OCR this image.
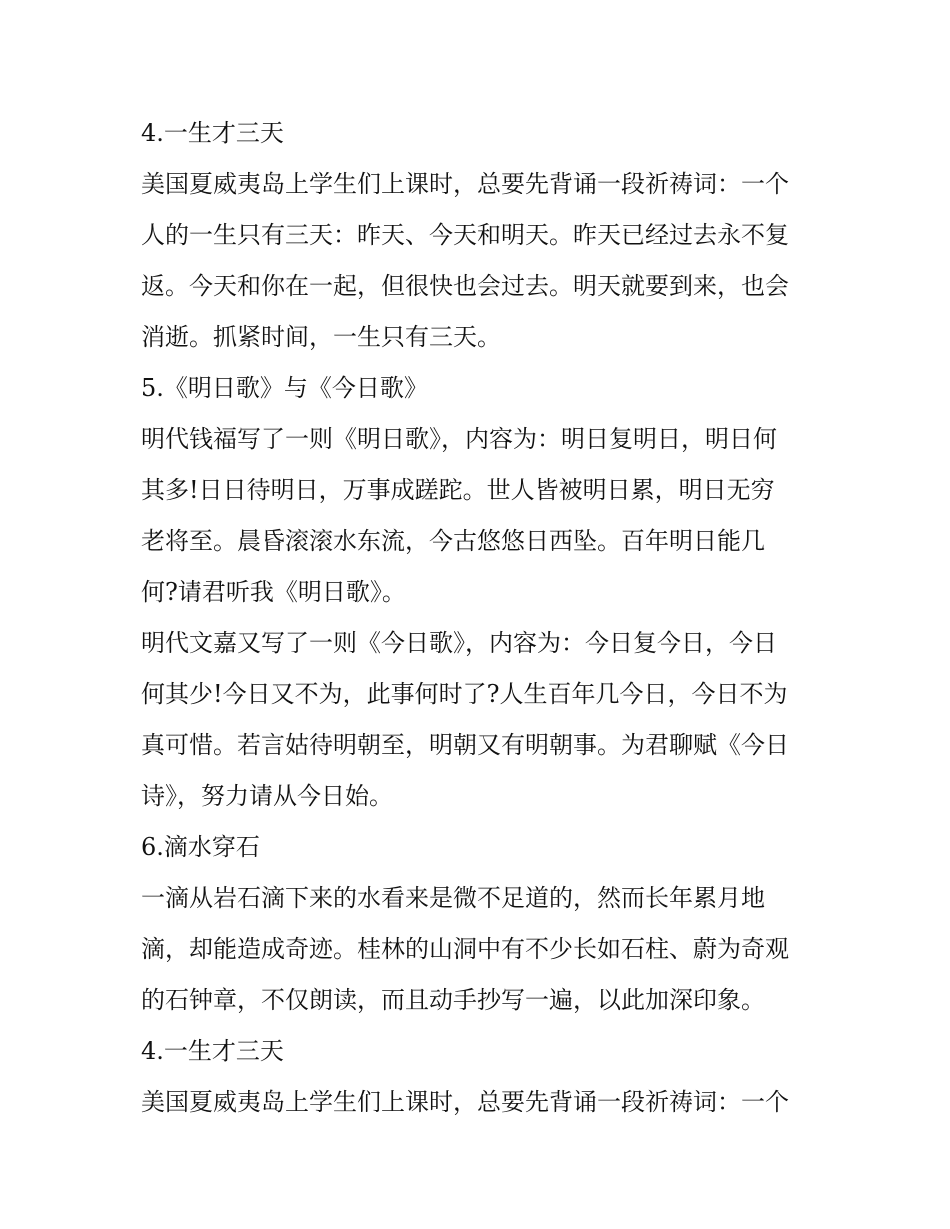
4.一生才三天

美国夏威夷岛上学生们上课时，总要先背诵一段祈祷词：一个

人的一生只有三天：昨天、今天和明天。昨天已经过去永不复

返。今天和你在一起，但很快也会过去。明天就要到来，也会

消逝。抓紧时间，一生只有三天。

5.《明日歌》与《今日歌》

明代钱福写了一则《明日歌》，内容为：明日复明日，明日何

其多!日日待明日，万事成蹉跎。世人皆被明日累，明日无穷

老将至。晨昏滚滚水东流，今古悠悠日西坠。百年明日能几

何?请君听我《明日歌》。

明代文嘉又写了一则《今日歌》，内容为：今日复今日，今日

何其少!今日又不为，此事何时了?人生百年几今日，今日不为

真可惜。若言姑待明朝至，明朝又有明朝事。为君聊赋《今日

诗》，努力请从今日始。

6.滴水穿石

一滴从岩石滴下来的水看来是微不足道的，然而长年累月地

滴，却能造成奇迹。桂林的山洞中有不少长如石柱、蔚为奇观

的石钟章，不仅朗读，而且动手抄写一遍，以此加深印象。

4.一生才三天

美国夏威夷岛上学生们上课时，总要先背诵一段祈祷词：一个
